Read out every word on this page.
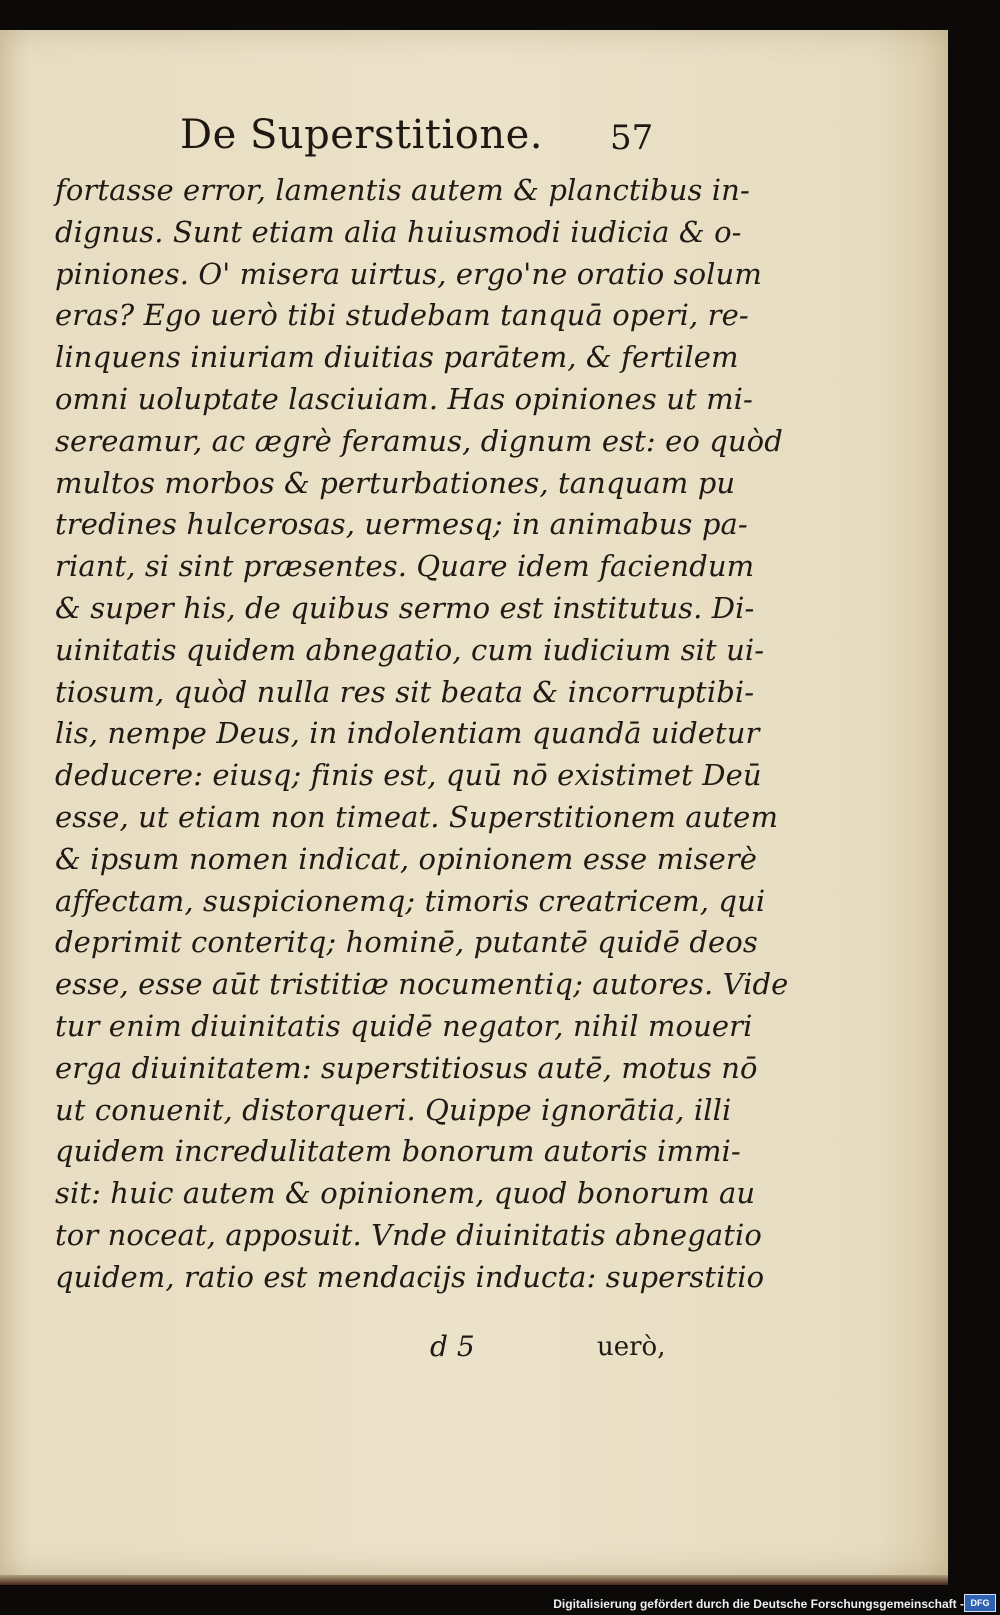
De Superstitione. 57
fortasse error, lamentis autem & planctibus in-
dignus. Sunt etiam alia huiusmodi iudicia & o-
piniones. O' misera uirtus, ergo'ne oratio solum
eras? Ego uerò tibi studebam tanquā operi, re-
linquens iniuriam diuitias parātem, & fertilem
omni uoluptate lasciuiam. Has opiniones ut mi-
sereamur, ac ægrè feramus, dignum est: eo quòd
multos morbos & perturbationes, tanquam pu
tredines hulcerosas, uermesq; in animabus pa-
riant, si sint præsentes. Quare idem faciendum
& super his, de quibus sermo est institutus. Di-
uinitatis quidem abnegatio, cum iudicium sit ui-
tiosum, quòd nulla res sit beata & incorruptibi-
lis, nempe Deus, in indolentiam quandā uidetur
deducere: eiusq; finis est, quū nō existimet Deū
esse, ut etiam non timeat. Superstitionem autem
& ipsum nomen indicat, opinionem esse miserè
affectam, suspicionemq; timoris creatricem, qui
deprimit conteritq; hominē, putantē quidē deos
esse, esse aūt tristitiæ nocumentiq; autores. Vide
tur enim diuinitatis quidē negator, nihil moueri
erga diuinitatem: superstitiosus autē, motus nō
ut conuenit, distorqueri. Quippe ignorātia, illi
quidem incredulitatem bonorum autoris immi-
sit: huic autem & opinionem, quod bonorum au
tor noceat, apposuit. Vnde diuinitatis abnegatio
quidem, ratio est mendacijs inducta: superstitio
d 5	uerò,
Digitalisierung gefördert durch die Deutsche Forschungsgemeinschaft - DFG
